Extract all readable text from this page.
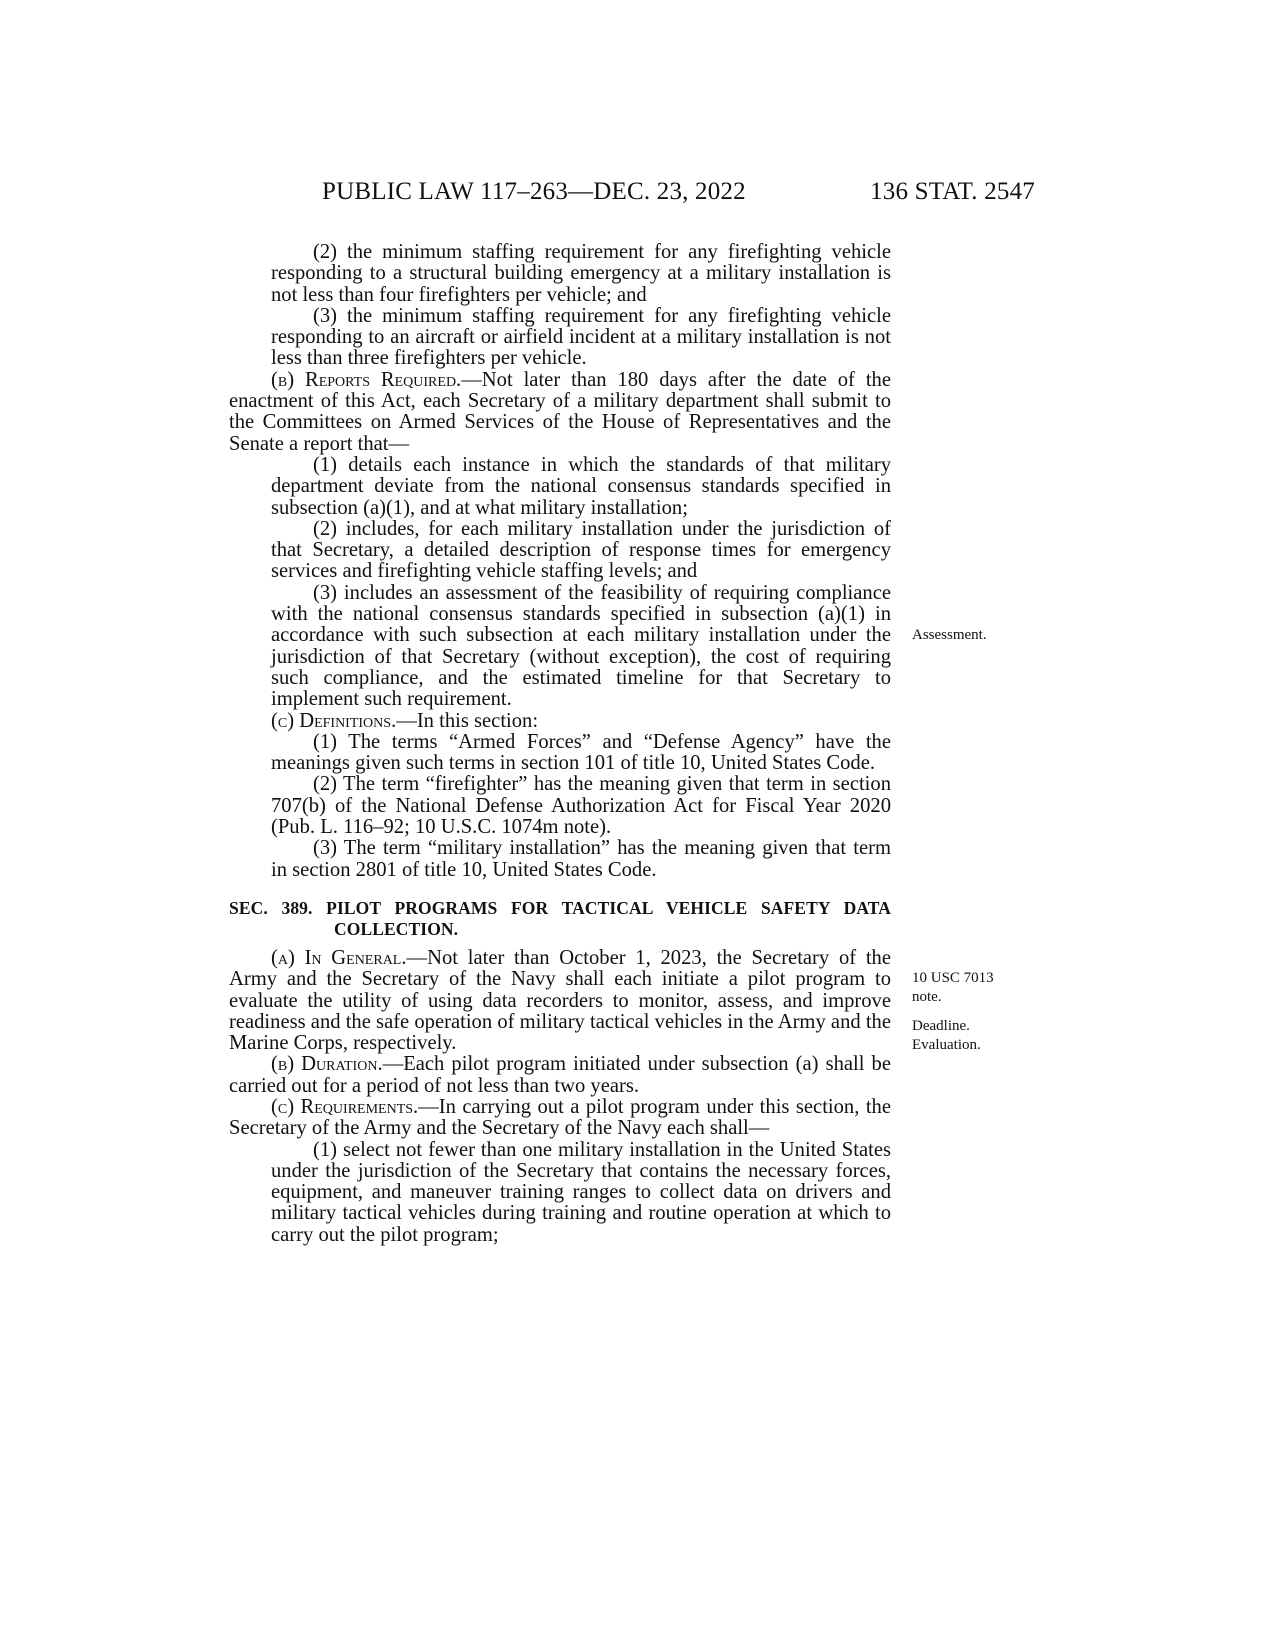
PUBLIC LAW 117–263—DEC. 23, 2022	136 STAT. 2547

(2) the minimum staffing requirement for any firefighting vehicle responding to a structural building emergency at a military installation is not less than four firefighters per vehicle; and

(3) the minimum staffing requirement for any firefighting vehicle responding to an aircraft or airfield incident at a military installation is not less than three firefighters per vehicle.

(b) Reports Required.—Not later than 180 days after the date of the enactment of this Act, each Secretary of a military department shall submit to the Committees on Armed Services of the House of Representatives and the Senate a report that—

(1) details each instance in which the standards of that military department deviate from the national consensus standards specified in subsection (a)(1), and at what military installation;

(2) includes, for each military installation under the jurisdiction of that Secretary, a detailed description of response times for emergency services and firefighting vehicle staffing levels; and

(3) includes an assessment of the feasibility of requiring compliance with the national consensus standards specified in subsection (a)(1) in accordance with such subsection at each military installation under the jurisdiction of that Secretary (without exception), the cost of requiring such compliance, and the estimated timeline for that Secretary to implement such requirement.

(c) Definitions.—In this section:

(1) The terms “Armed Forces” and “Defense Agency” have the meanings given such terms in section 101 of title 10, United States Code.

(2) The term “firefighter” has the meaning given that term in section 707(b) of the National Defense Authorization Act for Fiscal Year 2020 (Pub. L. 116–92; 10 U.S.C. 1074m note).

(3) The term “military installation” has the meaning given that term in section 2801 of title 10, United States Code.

SEC. 389. PILOT PROGRAMS FOR TACTICAL VEHICLE SAFETY DATA COLLECTION.

(a) In General.—Not later than October 1, 2023, the Secretary of the Army and the Secretary of the Navy shall each initiate a pilot program to evaluate the utility of using data recorders to monitor, assess, and improve readiness and the safe operation of military tactical vehicles in the Army and the Marine Corps, respectively.

(b) Duration.—Each pilot program initiated under subsection (a) shall be carried out for a period of not less than two years.

(c) Requirements.—In carrying out a pilot program under this section, the Secretary of the Army and the Secretary of the Navy each shall—

(1) select not fewer than one military installation in the United States under the jurisdiction of the Secretary that contains the necessary forces, equipment, and maneuver training ranges to collect data on drivers and military tactical vehicles during training and routine operation at which to carry out the pilot program;

Assessment.
10 USC 7013
note.
Deadline.
Evaluation.
